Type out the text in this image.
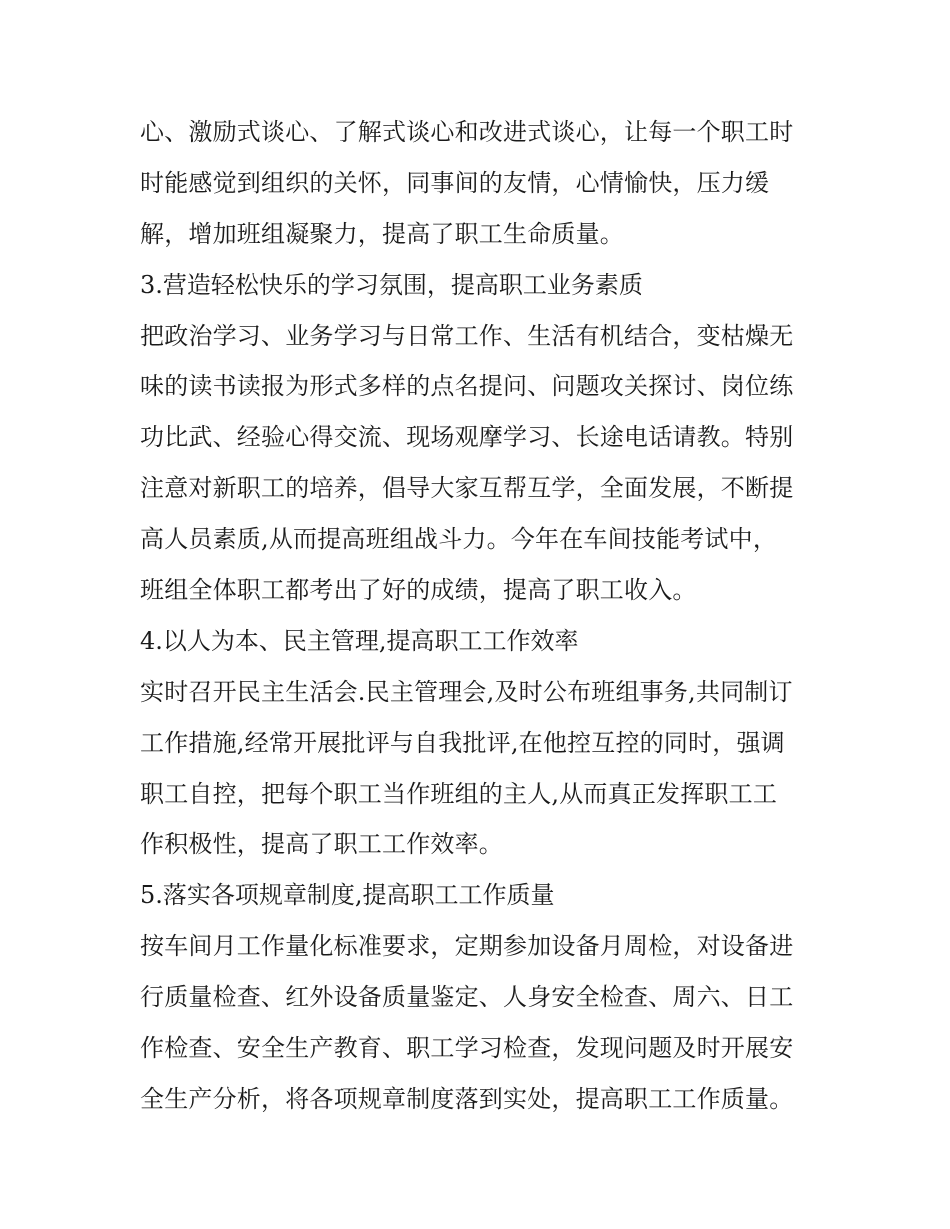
心、激励式谈心、了解式谈心和改进式谈心，让每一个职工时
时能感觉到组织的关怀，同事间的友情，心情愉快，压力缓
解，增加班组凝聚力，提高了职工生命质量。
3.营造轻松快乐的学习氛围，提高职工业务素质
把政治学习、业务学习与日常工作、生活有机结合，变枯燥无
味的读书读报为形式多样的点名提问、问题攻关探讨、岗位练
功比武、经验心得交流、现场观摩学习、长途电话请教。特别
注意对新职工的培养，倡导大家互帮互学，全面发展，不断提
高人员素质,从而提高班组战斗力。今年在车间技能考试中，
班组全体职工都考出了好的成绩，提高了职工收入。
4.以人为本、民主管理,提高职工工作效率
实时召开民主生活会.民主管理会,及时公布班组事务,共同制订
工作措施,经常开展批评与自我批评,在他控互控的同时，强调
职工自控，把每个职工当作班组的主人,从而真正发挥职工工
作积极性，提高了职工工作效率。
5.落实各项规章制度,提高职工工作质量
按车间月工作量化标准要求，定期参加设备月周检，对设备进
行质量检查、红外设备质量鉴定、人身安全检查、周六、日工
作检查、安全生产教育、职工学习检查，发现问题及时开展安
全生产分析，将各项规章制度落到实处，提高职工工作质量。
